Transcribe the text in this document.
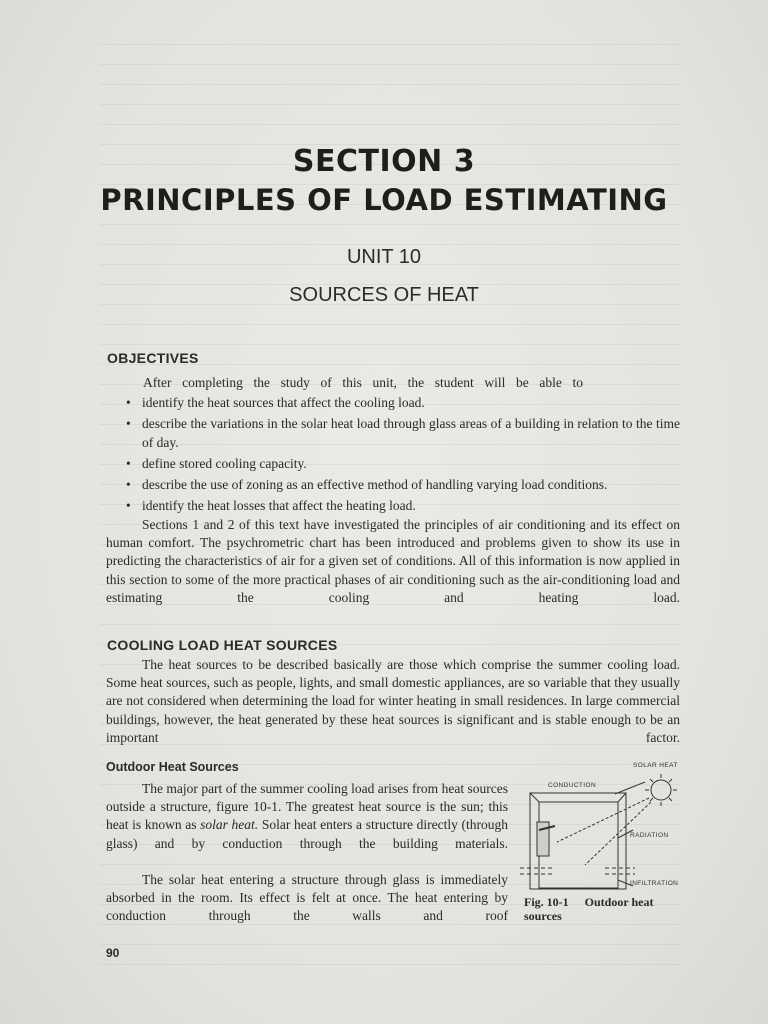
SECTION 3
PRINCIPLES OF LOAD ESTIMATING
UNIT 10
SOURCES OF HEAT
OBJECTIVES

After completing the study of this unit, the student will be able to

• identify the heat sources that affect the cooling load.
• describe the variations in the solar heat load through glass areas of a building in relation to the time of day.
• define stored cooling capacity.
• describe the use of zoning as an effective method of handling varying load conditions.
• identify the heat losses that affect the heating load.

Sections 1 and 2 of this text have investigated the principles of air conditioning and its effect on human comfort. The psychrometric chart has been introduced and problems given to show its use in predicting the characteristics of air for a given set of conditions. All of this information is now applied in this section to some of the more practical phases of air conditioning such as the air-conditioning load and estimating the cooling and heating load.

COOLING LOAD HEAT SOURCES

The heat sources to be described basically are those which comprise the summer cooling load. Some heat sources, such as people, lights, and small domestic appliances, are so variable that they usually are not considered when determining the load for winter heating in small residences. In large commercial buildings, however, the heat generated by these heat sources is significant and is stable enough to be an important factor.

Outdoor Heat Sources

The major part of the summer cooling load arises from heat sources outside a structure, figure 10-1. The greatest heat source is the sun; this heat is known as solar heat. Solar heat enters a structure directly (through glass) and by conduction through the building materials.

The solar heat entering a structure through glass is immediately absorbed in the room. Its effect is felt at once. The heat entering by conduction through the walls and roof

SOLAR HEAT
CONDUCTION
RADIATION
INFILTRATION
Fig. 10-1 Outdoor heat sources
90
